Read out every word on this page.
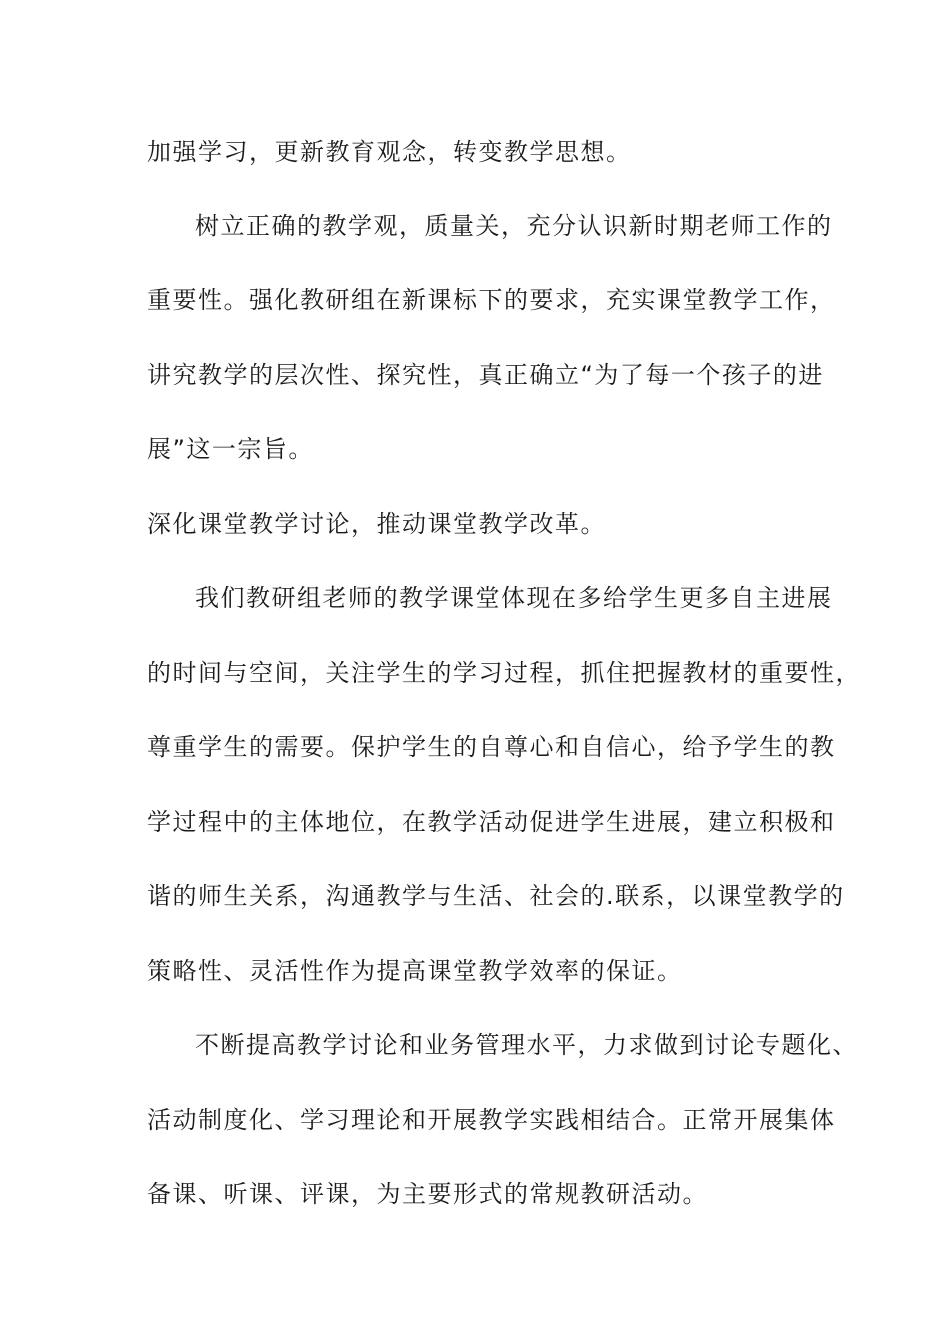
加强学习，更新教育观念，转变教学思想。

树立正确的教学观，质量关，充分认识新时期老师工作的

重要性。强化教研组在新课标下的要求，充实课堂教学工作，

讲究教学的层次性、探究性，真正确立“为了每一个孩子的进

展”这一宗旨。

深化课堂教学讨论，推动课堂教学改革。

我们教研组老师的教学课堂体现在多给学生更多自主进展

的时间与空间，关注学生的学习过程，抓住把握教材的重要性，

尊重学生的需要。保护学生的自尊心和自信心，给予学生的教

学过程中的主体地位，在教学活动促进学生进展，建立积极和

谐的师生关系，沟通教学与生活、社会的.联系，以课堂教学的

策略性、灵活性作为提高课堂教学效率的保证。

不断提高教学讨论和业务管理水平，力求做到讨论专题化、

活动制度化、学习理论和开展教学实践相结合。正常开展集体

备课、听课、评课，为主要形式的常规教研活动。
